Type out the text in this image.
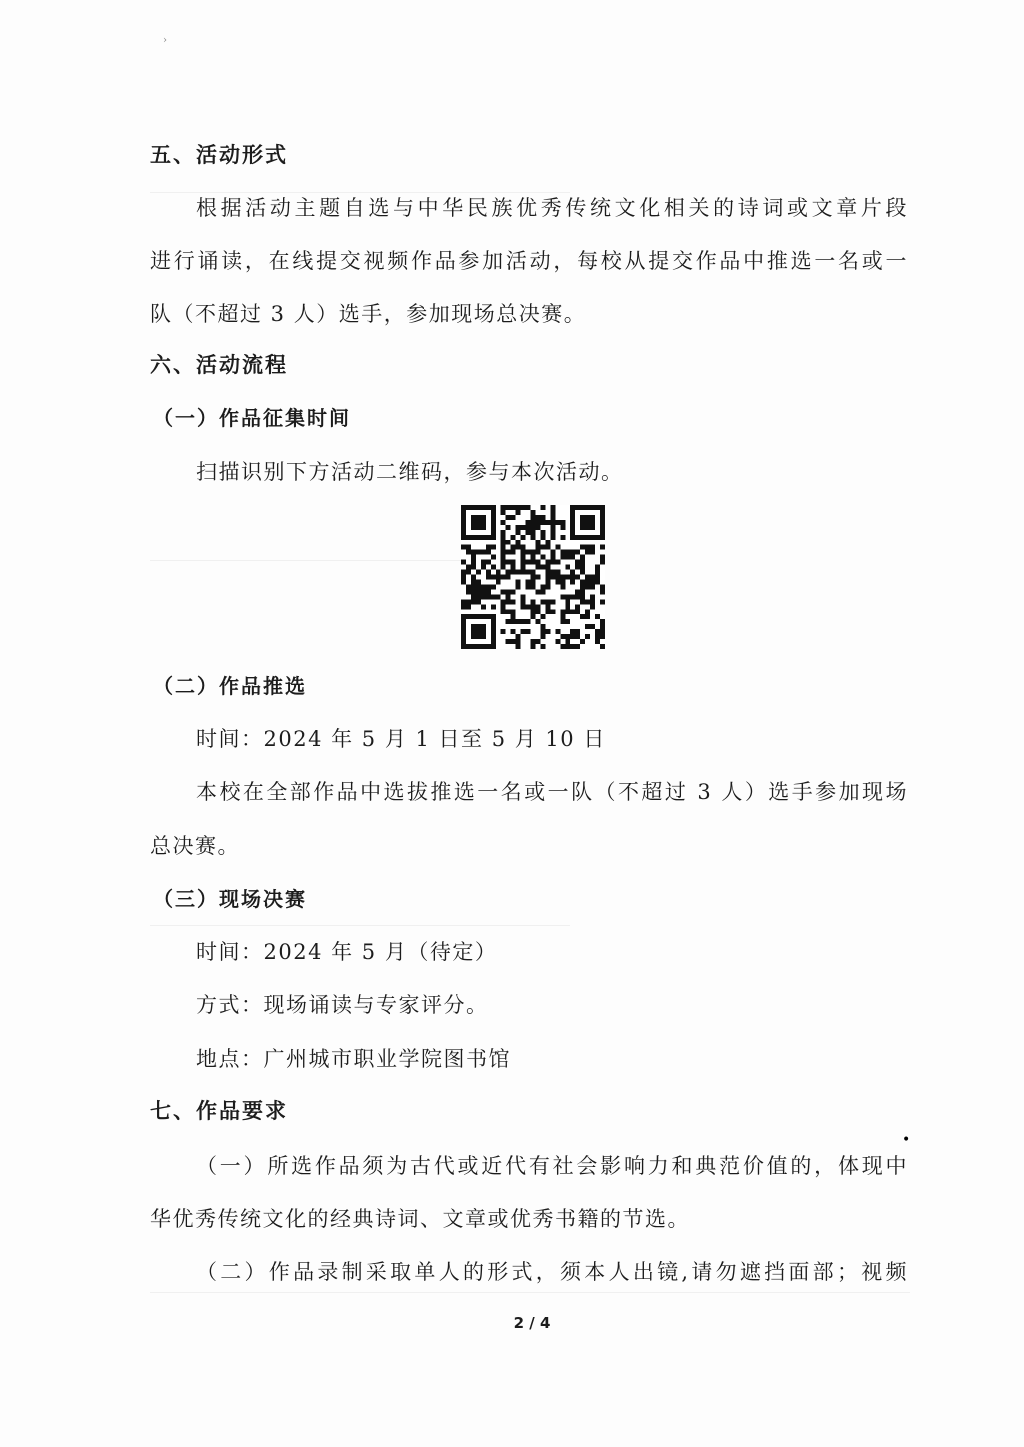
›
•
五、活动形式
根据活动主题自选与中华民族优秀传统文化相关的诗词或文章片段
进行诵读，在线提交视频作品参加活动，每校从提交作品中推选一名或一
队（不超过 3 人）选手，参加现场总决赛。
六、活动流程
（一）作品征集时间
扫描识别下方活动二维码，参与本次活动。
（二）作品推选
时间：2024 年 5 月 1 日至 5 月 10 日
本校在全部作品中选拔推选一名或一队（不超过 3 人）选手参加现场
总决赛。
（三）现场决赛
时间：2024 年 5 月（待定）
方式：现场诵读与专家评分。
地点：广州城市职业学院图书馆
七、作品要求
（一）所选作品须为古代或近代有社会影响力和典范价值的，体现中
华优秀传统文化的经典诗词、文章或优秀书籍的节选。
（二）作品录制采取单人的形式，须本人出镜,请勿遮挡面部；视频
2 / 4
